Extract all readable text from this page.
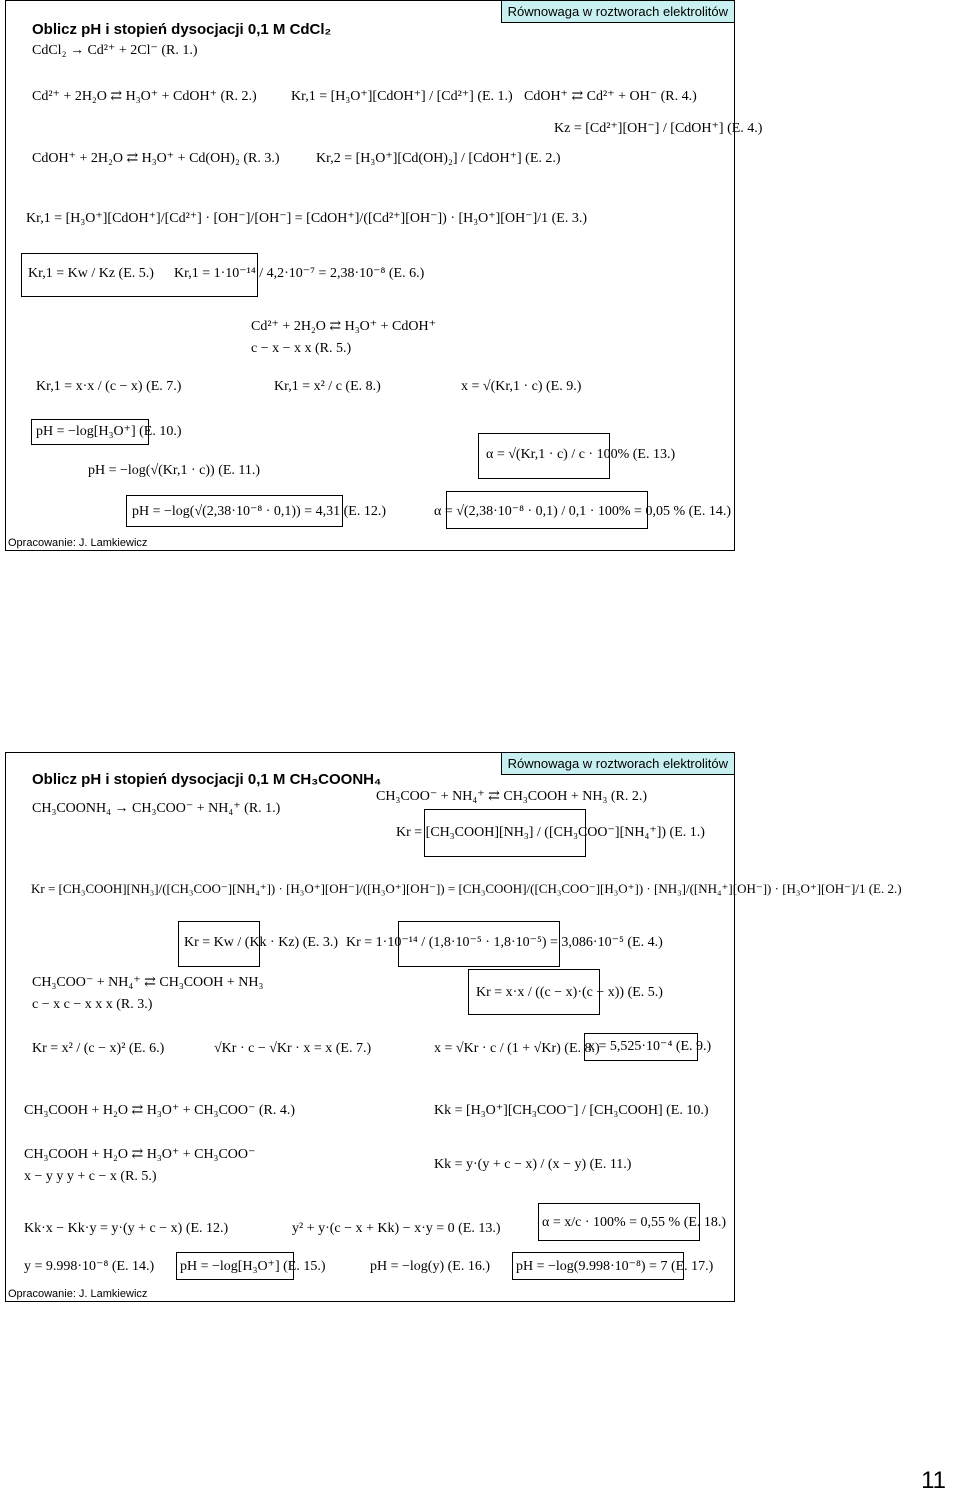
Równowaga w roztworach elektrolitów
Oblicz pH i stopień dysocjacji 0,1 M CdCl₂
CdCl₂ → Cd²⁺ + 2Cl⁻ (R. 1.)
Cd²⁺ + 2H₂O ⇄ H₃O⁺ + CdOH⁺ (R. 2.)
CdOH⁺ + 2H₂O ⇄ H₃O⁺ + Cd(OH)₂ (R. 3.)
Kr,1 = [H₃O⁺][CdOH⁺] / [Cd²⁺] (E. 1.)
Kr,2 = [H₃O⁺][Cd(OH)₂] / [CdOH⁺] (E. 2.)
CdOH⁺ ⇄ Cd²⁺ + OH⁻ (R. 4.)
Kz = [Cd²⁺][OH⁻] / [CdOH⁺] (E. 4.)
Kr,1 = [H₃O⁺][CdOH⁺]/[Cd²⁺] · [OH⁻]/[OH⁻] = [CdOH⁺]/([Cd²⁺][OH⁻]) · [H₃O⁺][OH⁻]/1 (E. 3.)
Kr,1 = Kw / Kz (E. 5.) Kr,1 = 1·10⁻¹⁴ / 4,2·10⁻⁷ = 2,38·10⁻⁸ (E. 6.)
Cd²⁺ + 2H₂O ⇄ H₃O⁺ + CdOH⁺
c − x − x x (R. 5.)
Kr,1 = x·x / (c − x) (E. 7.)	Kr,1 = x² / c (E. 8.)	x = √(Kr,1 · c) (E. 9.)
pH = −log[H₃O⁺] (E. 10.)
pH = −log(√(Kr,1 · c)) (E. 11.)
α = √(Kr,1 · c) / c · 100% (E. 13.)
pH = −log(√(2,38·10⁻⁸ · 0,1)) = 4,31 (E. 12.)	α = √(2,38·10⁻⁸ · 0,1) / 0,1 · 100% = 0,05 % (E. 14.)
Opracowanie: J. Lamkiewicz
Równowaga w roztworach elektrolitów
Oblicz pH i stopień dysocjacji 0,1 M CH₃COONH₄
CH₃COONH₄ → CH₃COO⁻ + NH₄⁺ (R. 1.)
CH₃COO⁻ + NH₄⁺ ⇄ CH₃COOH + NH₃ (R. 2.)
Kr = [CH₃COOH][NH₃] / ([CH₃COO⁻][NH₄⁺]) (E. 1.)
Kr = [CH₃COOH][NH₃]/([CH₃COO⁻][NH₄⁺]) · [H₃O⁺][OH⁻]/([H₃O⁺][OH⁻]) = [CH₃COOH]/([CH₃COO⁻][H₃O⁺]) · [NH₃]/([NH₄⁺][OH⁻]) · [H₃O⁺][OH⁻]/1 (E. 2.)
Kr = Kw / (Kk · Kz) (E. 3.) Kr = 1·10⁻¹⁴ / (1,8·10⁻⁵ · 1,8·10⁻⁵) = 3,086·10⁻⁵ (E. 4.)
CH₃COO⁻ + NH₄⁺ ⇄ CH₃COOH + NH₃
c − x c − x x x (R. 3.)
Kr = x·x / ((c − x)·(c − x)) (E. 5.)
Kr = x² / (c − x)² (E. 6.)	√Kr · c − √Kr · x = x (E. 7.)	x = √Kr · c / (1 + √Kr) (E. 8.)
x = 5,525·10⁻⁴ (E. 9.)
CH₃COOH + H₂O ⇄ H₃O⁺ + CH₃COO⁻ (R. 4.)	Kk = [H₃O⁺][CH₃COO⁻] / [CH₃COOH] (E. 10.)
CH₃COOH + H₂O ⇄ H₃O⁺ + CH₃COO⁻
x − y y y + c − x (R. 5.)
Kk = y·(y + c − x) / (x − y) (E. 11.)
Kk·x − Kk·y = y·(y + c − x) (E. 12.)	y² + y·(c − x + Kk) − x·y = 0 (E. 13.)	α = x/c · 100% = 0,55 % (E. 18.)
y = 9.998·10⁻⁸ (E. 14.) pH = −log[H₃O⁺] (E. 15.)	pH = −log(y) (E. 16.) pH = −log(9.998·10⁻⁸) = 7 (E. 17.)
Opracowanie: J. Lamkiewicz
11
